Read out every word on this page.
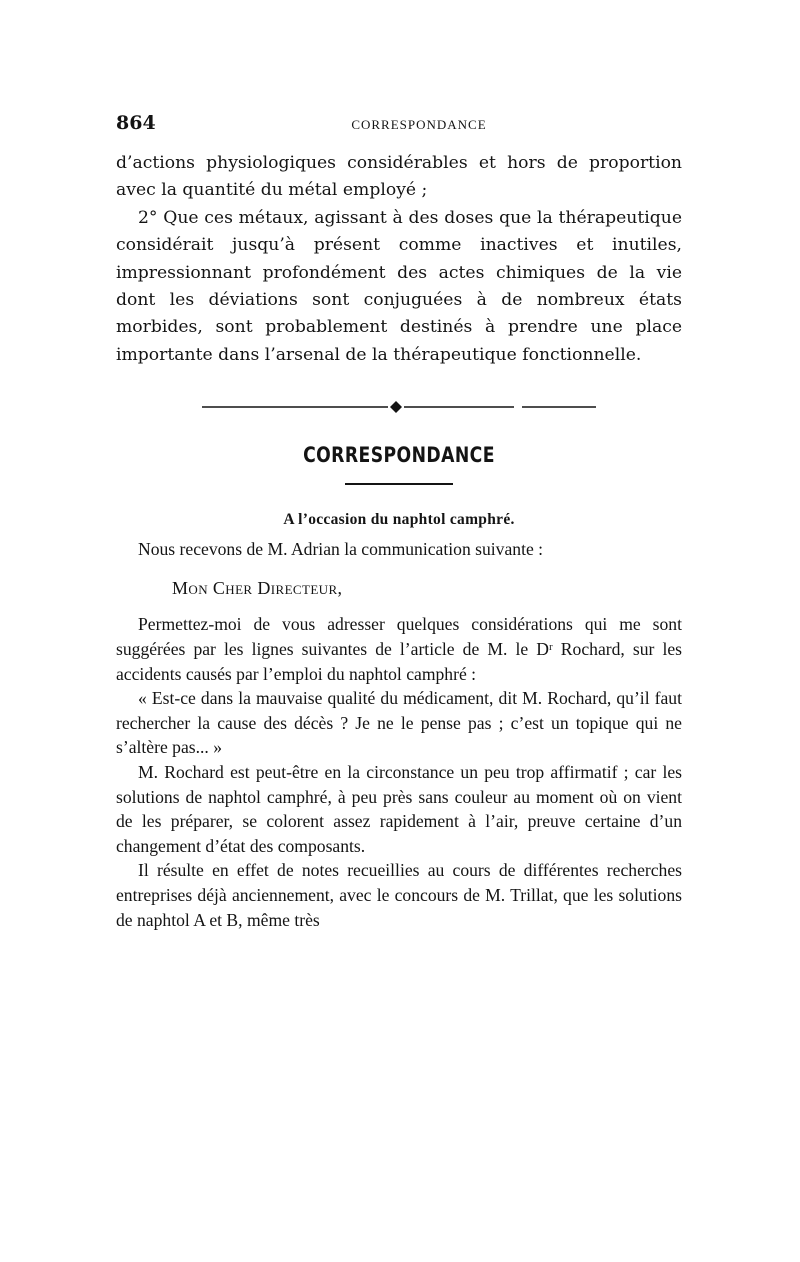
864	CORRESPONDANCE

d’actions physiologiques considérables et hors de proportion avec la quantité du métal employé ;

2° Que ces métaux, agissant à des doses que la thérapeutique considérait jusqu’à présent comme inactives et inutiles, impressionnant profondément des actes chimiques de la vie dont les déviations sont conjuguées à de nombreux états morbides, sont probablement destinés à prendre une place importante dans l’arsenal de la thérapeutique fonctionnelle.

CORRESPONDANCE
A l’occasion du naphtol camphré.

Nous recevons de M. Adrian la communication suivante :

Mon Cher Directeur,

Permettez-moi de vous adresser quelques considérations qui me sont suggérées par les lignes suivantes de l’article de M. le Dʳ Rochard, sur les accidents causés par l’emploi du naphtol camphré :

« Est-ce dans la mauvaise qualité du médicament, dit M. Rochard, qu’il faut rechercher la cause des décès ? Je ne le pense pas ; c’est un topique qui ne s’altère pas... »

M. Rochard est peut-être en la circonstance un peu trop affirmatif ; car les solutions de naphtol camphré, à peu près sans couleur au moment où on vient de les préparer, se colorent assez rapidement à l’air, preuve certaine d’un changement d’état des composants.

Il résulte en effet de notes recueillies au cours de différentes recherches entreprises déjà anciennement, avec le concours de M. Trillat, que les solutions de naphtol A et B, même très
